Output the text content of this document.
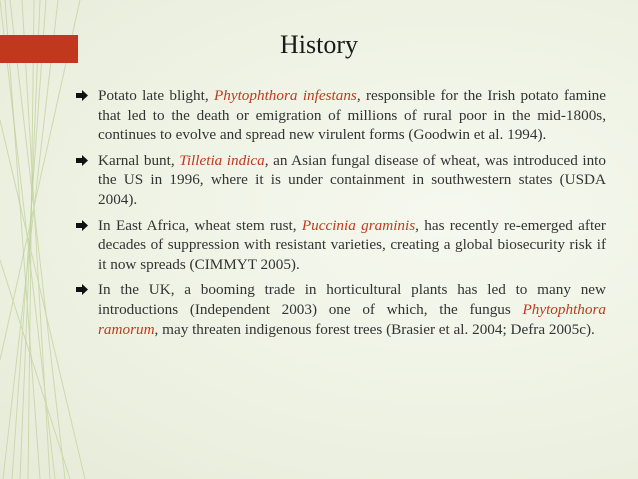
History
Potato late blight, Phytophthora infestans, responsible for the Irish potato famine that led to the death or emigration of millions of rural poor in the mid-1800s, continues to evolve and spread new virulent forms (Goodwin et al. 1994).
Karnal bunt, Tilletia indica, an Asian fungal disease of wheat, was introduced into the US in 1996, where it is under containment in southwestern states (USDA 2004).
In East Africa, wheat stem rust, Puccinia graminis, has recently re-emerged after decades of suppression with resistant varieties, creating a global biosecurity risk if it now spreads (CIMMYT 2005).
In the UK, a booming trade in horticultural plants has led to many new introductions (Independent 2003) one of which, the fungus Phytophthora ramorum, may threaten indigenous forest trees (Brasier et al. 2004; Defra 2005c).
